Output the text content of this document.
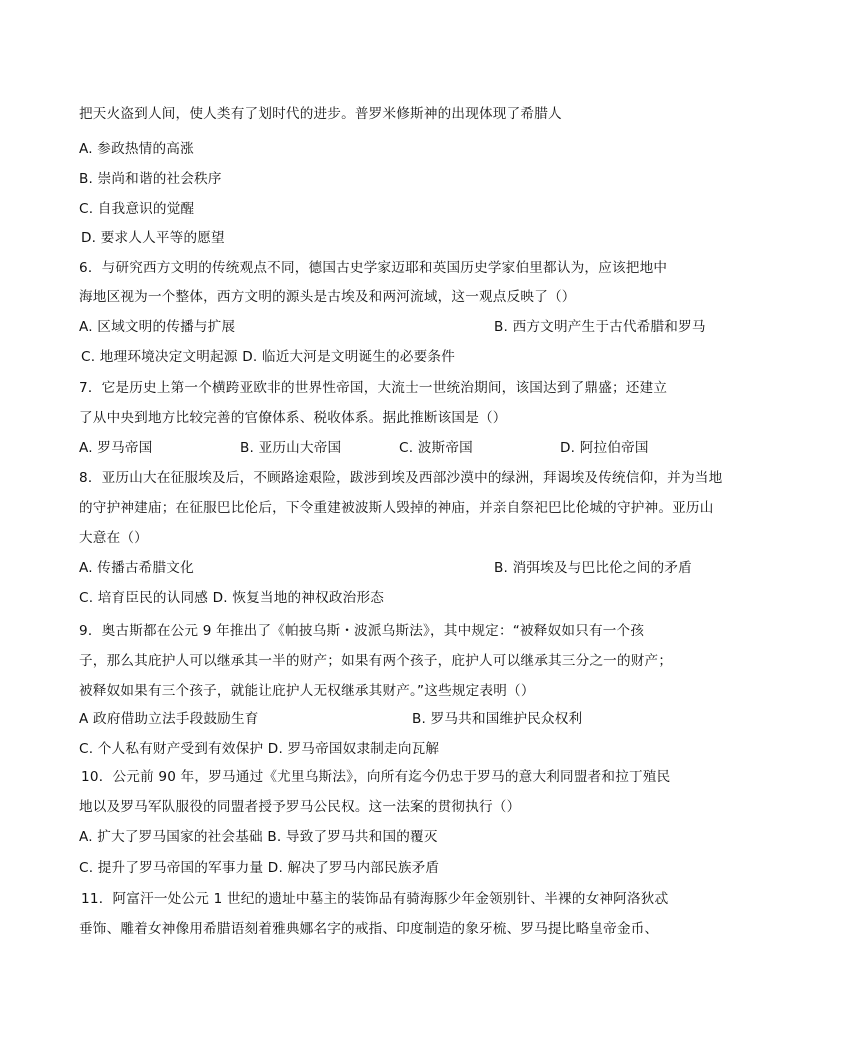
把天火盗到人间，使人类有了划时代的进步。普罗米修斯神的出现体现了希腊人
A. 参政热情的高涨
B. 崇尚和谐的社会秩序
C. 自我意识的觉醒
D. 要求人人平等的愿望
6．与研究西方文明的传统观点不同，德国古史学家迈耶和英国历史学家伯里都认为，应该把地中
海地区视为一个整体，西方文明的源头是古埃及和两河流域，这一观点反映了（）
A. 区域文明的传播与扩展	B. 西方文明产生于古代希腊和罗马
C. 地理环境决定文明起源 D. 临近大河是文明诞生的必要条件
7．它是历史上第一个横跨亚欧非的世界性帝国，大流士一世统治期间，该国达到了鼎盛；还建立
了从中央到地方比较完善的官僚体系、税收体系。据此推断该国是（）
A. 罗马帝国	B. 亚历山大帝国	C. 波斯帝国	D. 阿拉伯帝国
8．亚历山大在征服埃及后，不顾路途艰险，跋涉到埃及西部沙漠中的绿洲，拜谒埃及传统信仰，并为当地
的守护神建庙；在征服巴比伦后，下令重建被波斯人毁掉的神庙，并亲自祭祀巴比伦城的守护神。亚历山
大意在（）
A. 传播古希腊文化	B. 消弭埃及与巴比伦之间的矛盾
C. 培育臣民的认同感 D. 恢复当地的神权政治形态
9．奥古斯都在公元 9 年推出了《帕披乌斯・波派乌斯法》，其中规定：“被释奴如只有一个孩
子，那么其庇护人可以继承其一半的财产；如果有两个孩子，庇护人可以继承其三分之一的财产；
被释奴如果有三个孩子，就能让庇护人无权继承其财产。”这些规定表明（）
A 政府借助立法手段鼓励生育	B. 罗马共和国维护民众权利
C. 个人私有财产受到有效保护 D. 罗马帝国奴隶制走向瓦解
10．公元前 90 年，罗马通过《尤里乌斯法》，向所有迄今仍忠于罗马的意大利同盟者和拉丁殖民
地以及罗马军队服役的同盟者授予罗马公民权。这一法案的贯彻执行（）
A. 扩大了罗马国家的社会基础 B. 导致了罗马共和国的覆灭
C. 提升了罗马帝国的军事力量 D. 解决了罗马内部民族矛盾
11．阿富汗一处公元 1 世纪的遗址中墓主的装饰品有骑海豚少年金领别针、半裸的女神阿洛狄忒
垂饰、雕着女神像用希腊语刻着雅典娜名字的戒指、印度制造的象牙梳、罗马提比略皇帝金币、
